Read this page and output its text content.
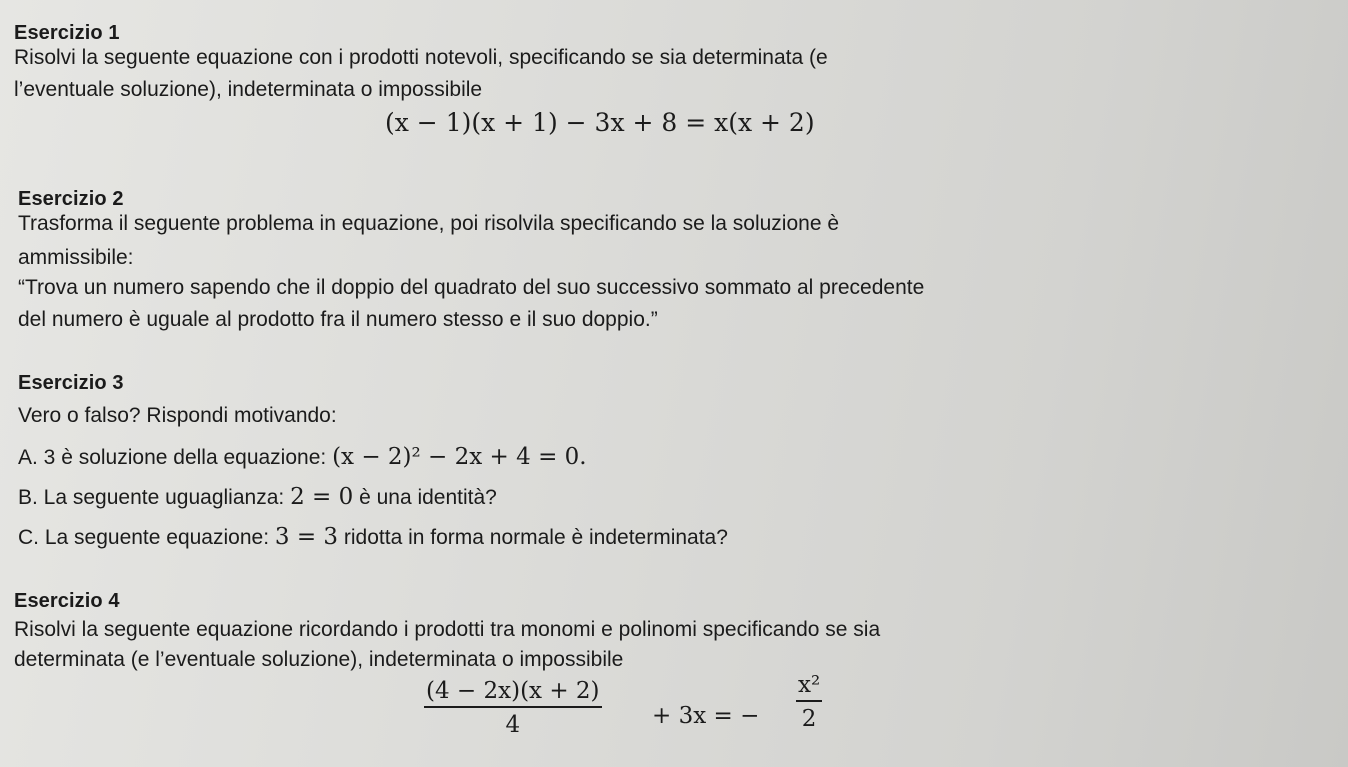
Esercizio 1
Risolvi la seguente equazione con i prodotti notevoli, specificando se sia determinata (e
l’eventuale soluzione), indeterminata o impossibile
(x − 1)(x + 1) − 3x + 8 = x(x + 2)
Esercizio 2
Trasforma il seguente problema in equazione, poi risolvila specificando se la soluzione è
ammissibile:
“Trova un numero sapendo che il doppio del quadrato del suo successivo sommato al precedente
del numero è uguale al prodotto fra il numero stesso e il suo doppio.”
Esercizio 3
Vero o falso? Rispondi motivando:
A. 3 è soluzione della equazione: (x − 2)² − 2x + 4 = 0.
B. La seguente uguaglianza: 2 = 0 è una identità?
C. La seguente equazione: 3 = 3 ridotta in forma normale è indeterminata?
Esercizio 4
Risolvi la seguente equazione ricordando i prodotti tra monomi e polinomi specificando se sia
determinata (e l’eventuale soluzione), indeterminata o impossibile
(4 − 2x)(x + 2)
4	+ 3x = −
x²
2
